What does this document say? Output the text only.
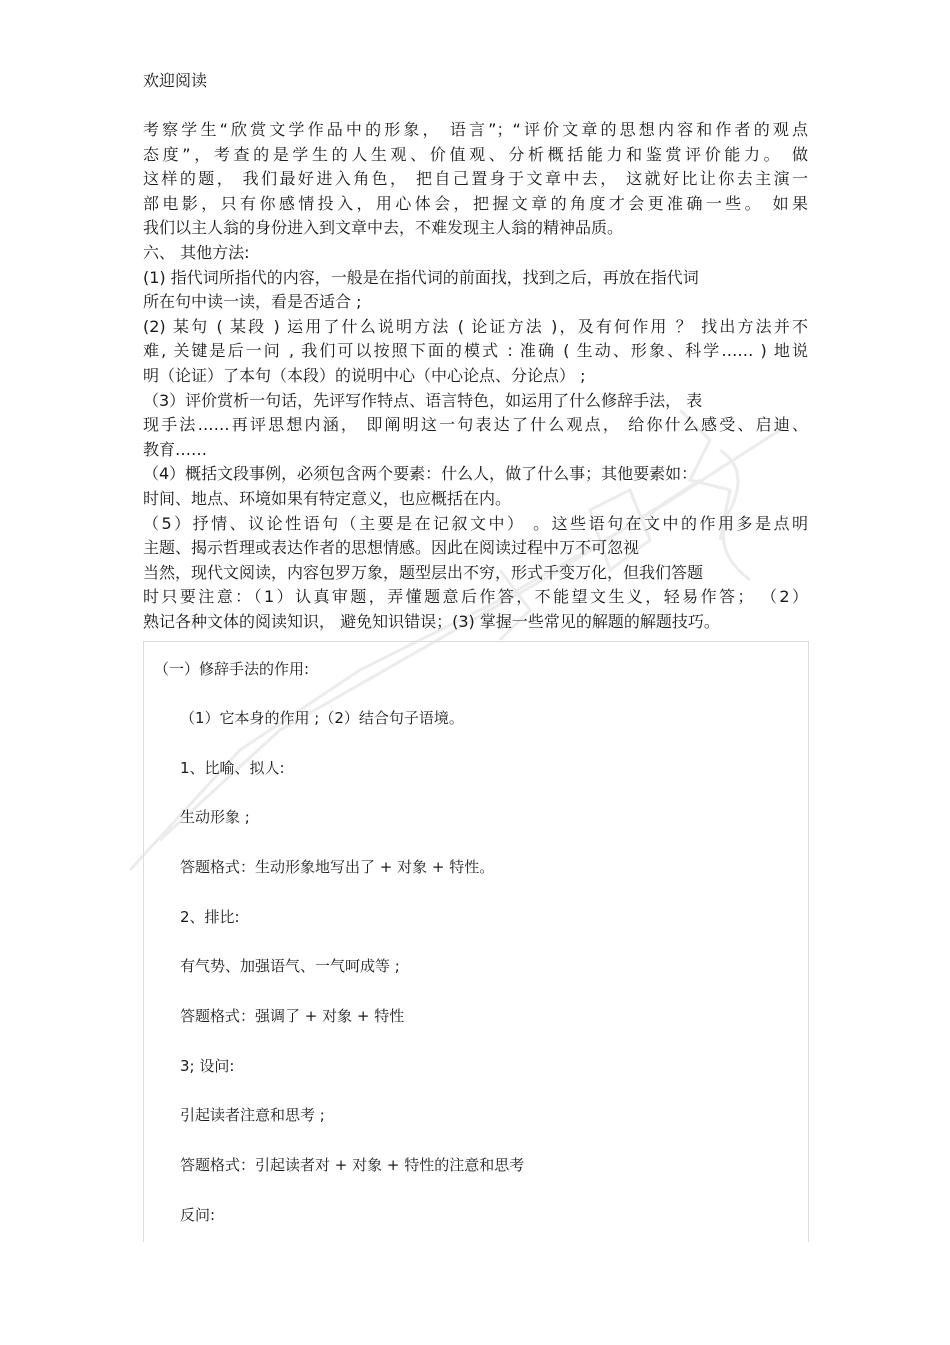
欢迎阅读
考察学生“欣赏文学作品中的形象， 语言”；“评价文章的思想内容和作者的观点
态度”，考查的是学生的人生观、价值观、分析概括能力和鉴赏评价能力。 做
这样的题， 我们最好进入角色， 把自己置身于文章中去， 这就好比让你去主演一
部电影，只有你感情投入，用心体会，把握文章的角度才会更准确一些。 如果
我们以主人翁的身份进入到文章中去，不难发现主人翁的精神品质。
六、 其他方法:
(1) 指代词所指代的内容，一般是在指代词的前面找，找到之后，再放在指代词
所在句中读一读，看是否适合 ;
(2) 某句 ( 某段 ) 运用了什么说明方法 ( 论证方法 )，及有何作用 ？ 找出方法并不
难, 关键是后一问 , 我们可以按照下面的模式 : 准确 ( 生动、形象、科学…… ) 地说
明（论证）了本句（本段）的说明中心（中心论点、分论点） ;
（3）评价赏析一句话，先评写作特点、语言特色，如运用了什么修辞手法， 表
现手法……再评思想内涵， 即阐明这一句表达了什么观点， 给你什么感受、启迪、
教育……
（4）概括文段事例，必须包含两个要素：什么人，做了什么事；其他要素如：
时间、地点、环境如果有特定意义，也应概括在内。
（5）抒情、议论性语句（主要是在记叙文中） 。这些语句在文中的作用多是点明
主题、揭示哲理或表达作者的思想情感。因此在阅读过程中万不可忽视
当然，现代文阅读，内容包罗万象，题型层出不穷，形式千变万化，但我们答题
时只要注意：（1）认真审题，弄懂题意后作答，不能望文生义，轻易作答； （2）
熟记各种文体的阅读知识， 避免知识错误；(3) 掌握一些常见的解题的解题技巧。
（一）修辞手法的作用:
（1）它本身的作用 ;（2）结合句子语境。
1、比喻、拟人:
生动形象 ;
答题格式：生动形象地写出了 + 对象 + 特性。
2、排比:
有气势、加强语气、一气呵成等 ;
答题格式：强调了 + 对象 + 特性
3; 设问:
引起读者注意和思考 ;
答题格式：引起读者对 + 对象 + 特性的注意和思考
反问:
